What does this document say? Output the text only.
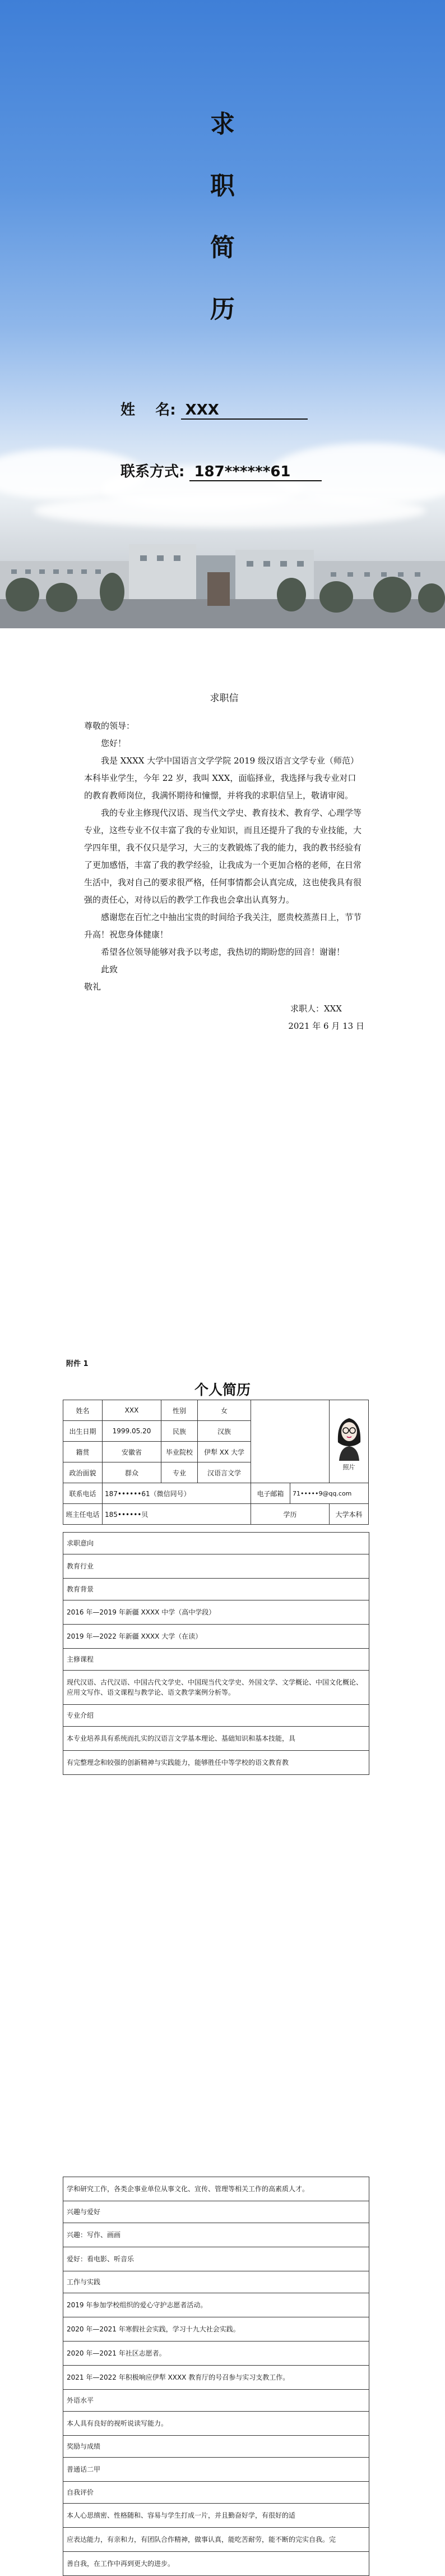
求
职
简
历
姓    名: XXX
联系方式: 187******61

求职信

尊敬的领导：

您好！

我是 XXXX 大学中国语言文学学院 2019 级汉语言文学专业（师范）本科毕业学生，今年 22 岁，我叫 XXX，面临择业，我选择与我专业对口的教育教师岗位，我满怀期待和憧憬，并将我的求职信呈上，敬请审阅。

我的专业主修现代汉语、现当代文学史、教育技术、教育学、心理学等专业，这些专业不仅丰富了我的专业知识，而且还提升了我的专业技能，大学四年里，我不仅只是学习，大三的支教锻炼了我的能力，我的教书经验有了更加感悟，丰富了我的教学经验，让我成为一个更加合格的老师，在日常生活中，我对自己的要求很严格，任何事情都会认真完成，这也使我具有很强的责任心，对待以后的教学工作我也会拿出认真努力。

感谢您在百忙之中抽出宝贵的时间给予我关注，愿贵校蒸蒸日上，节节升高！祝您身体健康！

希望各位领导能够对我予以考虑，我热切的期盼您的回音！谢谢！

此致

敬礼

求职人：XXX

2021 年 6 月 13 日

附件 1
个人简历
姓名	XXX	性别	女			照片

出生日期	1999.05.20	民族	汉族			
籍贯	安徽省	毕业院校	伊犁 XX 大学			
政治面貌	群众	专业	汉语言文学			
联系电话	187••••••61（微信同号）			电子邮箱	71•••••9@qq.com	
班主任电话	185••••••贝			学历		大学本科
求职意向
教育行业
教育背景
2016 年—2019 年新疆 XXXX 中学（高中学段）
2019 年—2022 年新疆 XXXX 大学（在读）
主修课程
现代汉语、古代汉语、中国古代文学史、中国现当代文学史、外国文学、文学概论、中国文化概论、应用文写作、语文课程与教学论、语文教学案例分析等。
专业介绍
本专业培养具有系统而扎实的汉语言文学基本理论、基础知识和基本技能，具
有完整理念和较强的创新精神与实践能力，能够胜任中等学校的语文教育教
学和研究工作，各类企事业单位从事文化、宣传、管理等相关工作的高素质人才。
兴趣与爱好
兴趣：写作、画画
爱好：看电影、听音乐
工作与实践
2019 年参加学校组织的爱心守护志愿者活动。
2020 年—2021 年寒假社会实践，学习十九大社会实践。
2020 年—2021 年社区志愿者。
2021 年—2022 年积极响应伊犁 XXXX 教育厅的号召参与实习支教工作。
外语水平
本人具有良好的视听说读写能力。
奖励与成绩
普通话二甲
自我评价
本人心思缜密、性格随和、容易与学生打成一片，并且勤奋好学，有很好的适
应表达能力，有亲和力，有团队合作精神，做事认真，能吃苦耐劳，能不断的完实自我。完
善自我，在工作中再到更大的进步。
